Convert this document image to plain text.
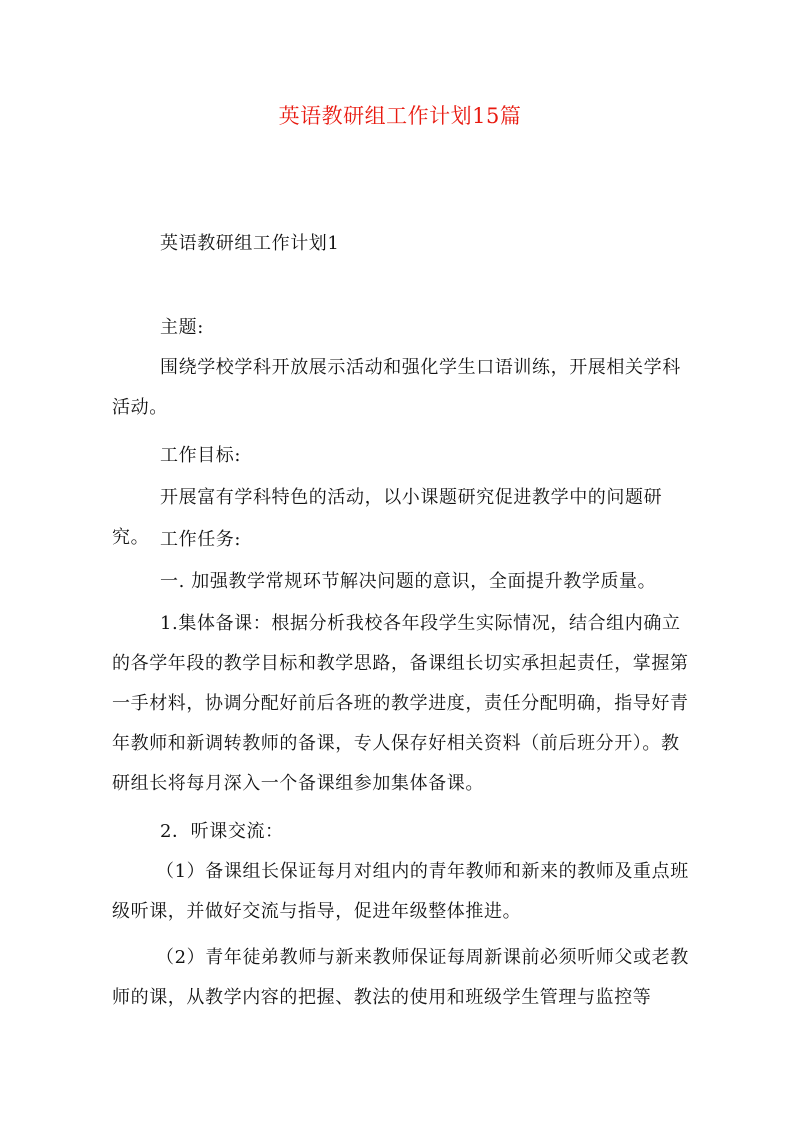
英语教研组工作计划15篇

英语教研组工作计划1

主题:

围绕学校学科开放展示活动和强化学生口语训练，开展相关学科活动。

工作目标:

开展富有学科特色的活动，以小课题研究促进教学中的问题研究。 工作任务:

一. 加强教学常规环节解决问题的意识，全面提升教学质量。

1.集体备课：根据分析我校各年段学生实际情况，结合组内确立的各学年段的教学目标和教学思路，备课组长切实承担起责任，掌握第一手材料，协调分配好前后各班的教学进度，责任分配明确，指导好青年教师和新调转教师的备课，专人保存好相关资料（前后班分开）。教研组长将每月深入一个备课组参加集体备课。

2．听课交流：

（1）备课组长保证每月对组内的青年教师和新来的教师及重点班级听课，并做好交流与指导，促进年级整体推进。

（2）青年徒弟教师与新来教师保证每周新课前必须听师父或老教师的课，从教学内容的把握、教法的使用和班级学生管理与监控等
